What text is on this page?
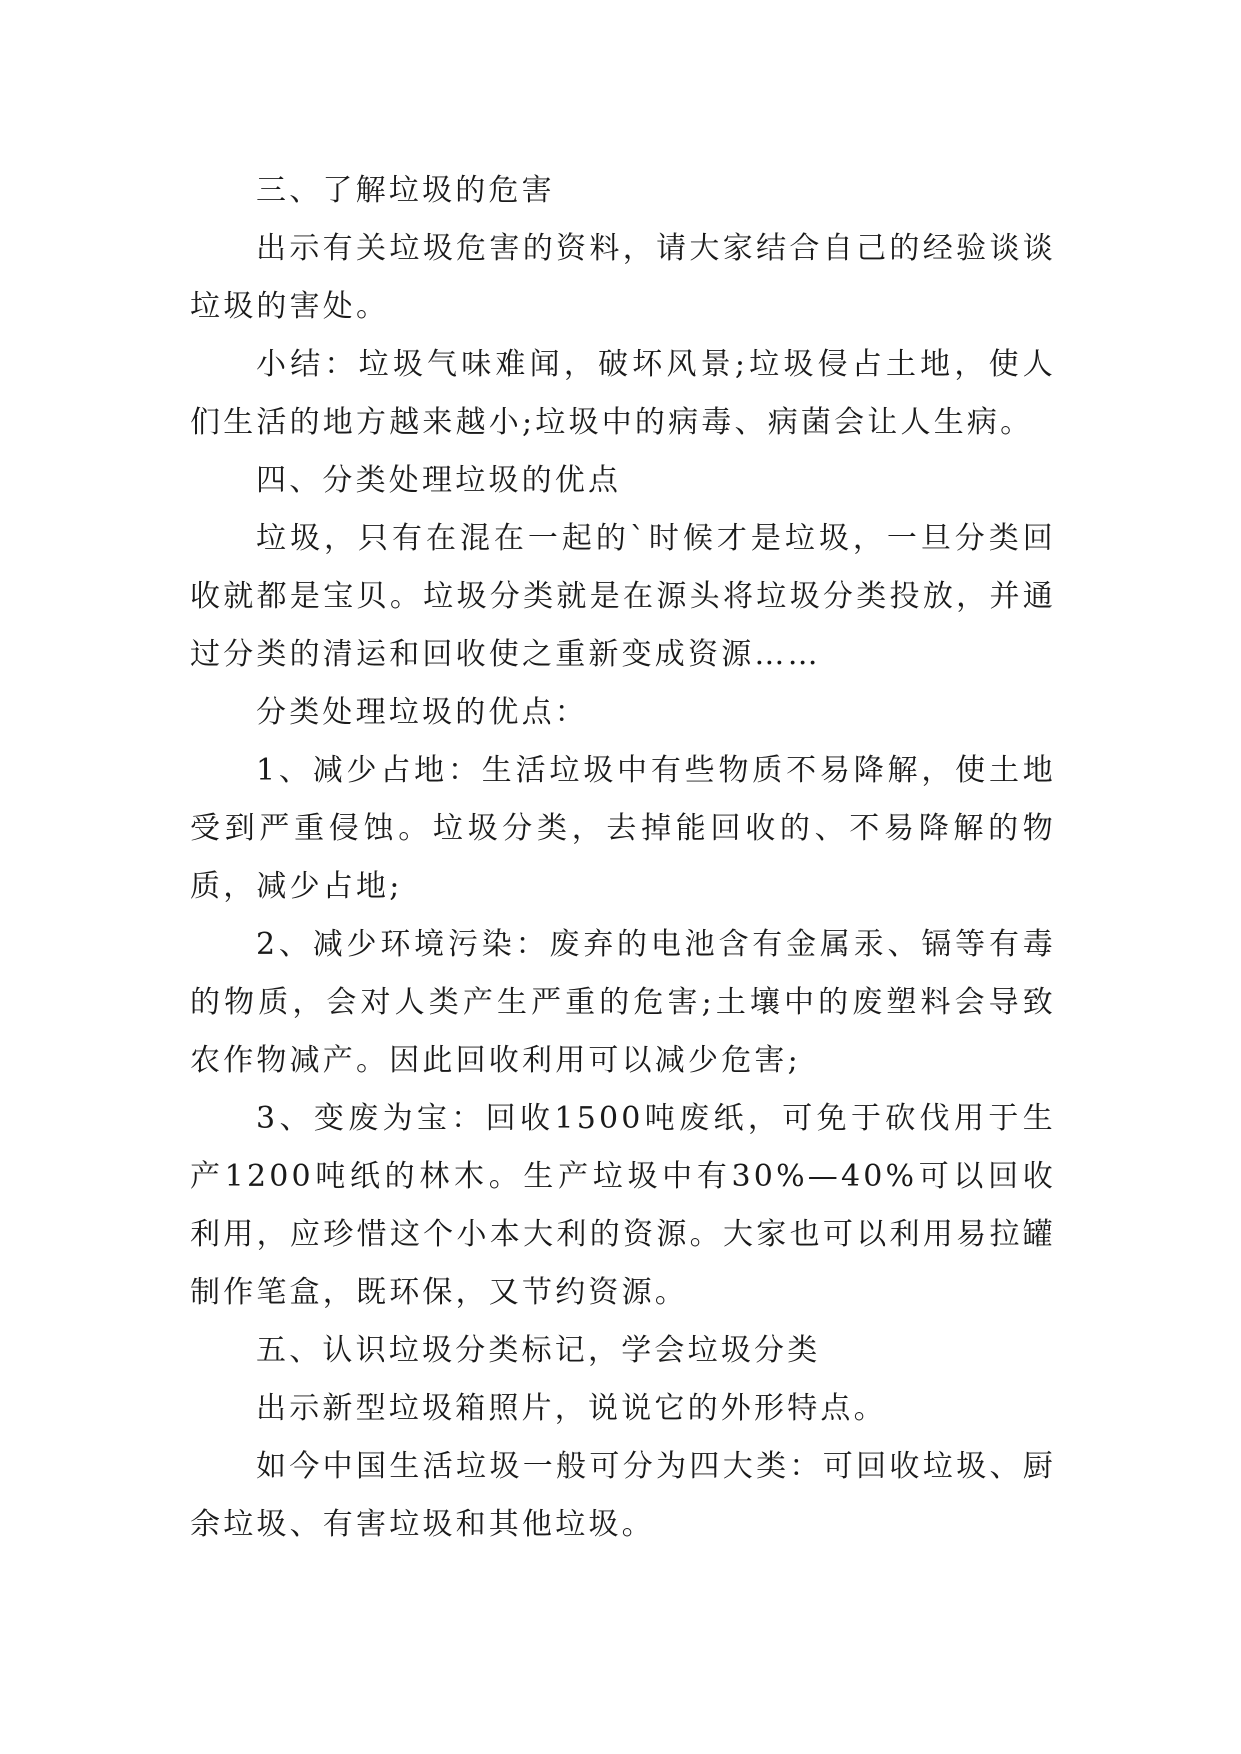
三、了解垃圾的危害

出示有关垃圾危害的资料，请大家结合自己的经验谈谈垃圾的害处。

小结：垃圾气味难闻，破坏风景;垃圾侵占土地，使人们生活的地方越来越小;垃圾中的病毒、病菌会让人生病。

四、分类处理垃圾的优点

垃圾，只有在混在一起的`时候才是垃圾，一旦分类回收就都是宝贝。垃圾分类就是在源头将垃圾分类投放，并通过分类的清运和回收使之重新变成资源……

分类处理垃圾的优点：

1、减少占地：生活垃圾中有些物质不易降解，使土地受到严重侵蚀。垃圾分类，去掉能回收的、不易降解的物质，减少占地;

2、减少环境污染：废弃的电池含有金属汞、镉等有毒的物质，会对人类产生严重的危害;土壤中的废塑料会导致农作物减产。因此回收利用可以减少危害;

3、变废为宝：回收1500吨废纸，可免于砍伐用于生产1200吨纸的林木。生产垃圾中有30%—40%可以回收利用，应珍惜这个小本大利的资源。大家也可以利用易拉罐制作笔盒，既环保，又节约资源。

五、认识垃圾分类标记，学会垃圾分类

出示新型垃圾箱照片，说说它的外形特点。

如今中国生活垃圾一般可分为四大类：可回收垃圾、厨余垃圾、有害垃圾和其他垃圾。
